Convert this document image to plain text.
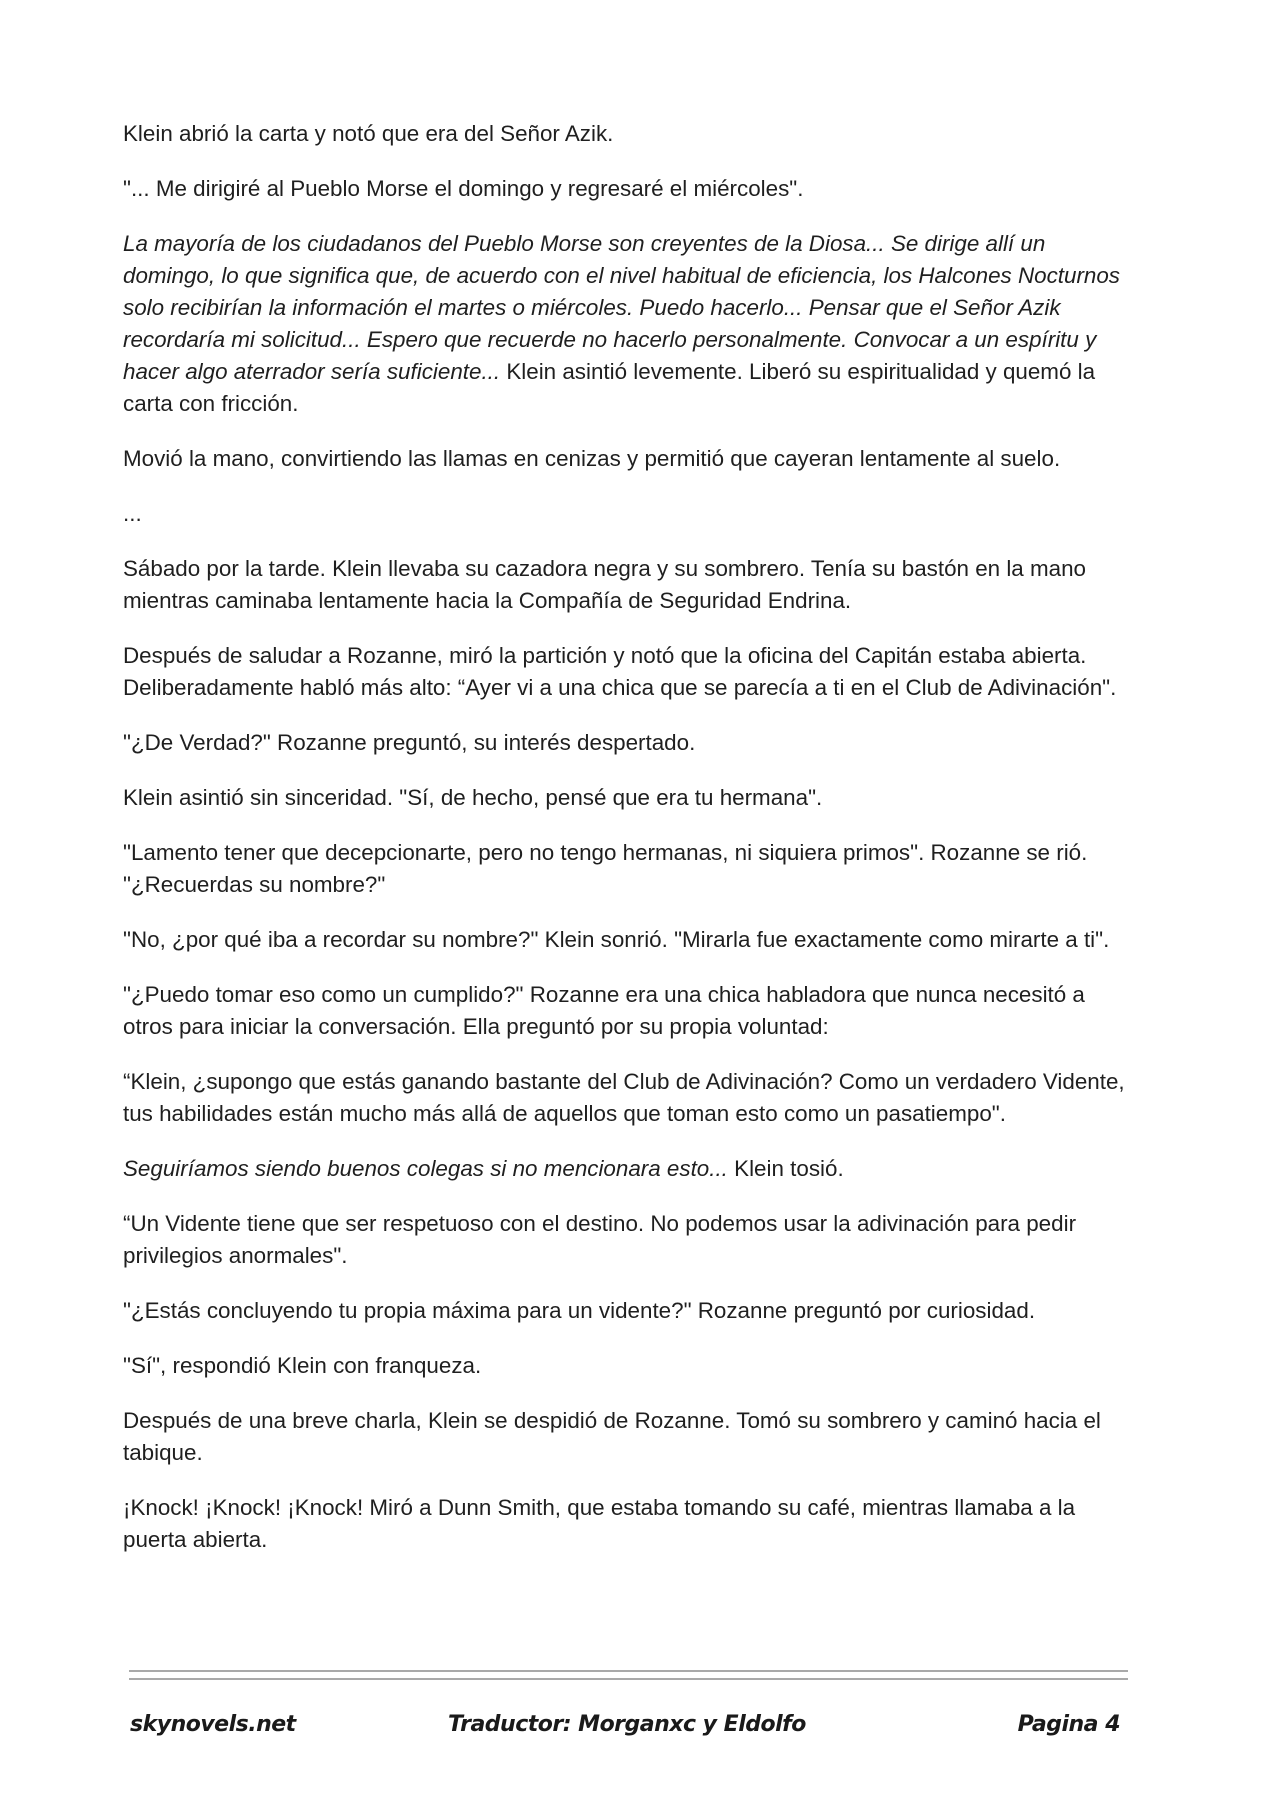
Klein abrió la carta y notó que era del Señor Azik.

"... Me dirigiré al Pueblo Morse el domingo y regresaré el miércoles".

La mayoría de los ciudadanos del Pueblo Morse son creyentes de la Diosa... Se dirige allí un domingo, lo que significa que, de acuerdo con el nivel habitual de eficiencia, los Halcones Nocturnos solo recibirían la información el martes o miércoles. Puedo hacerlo... Pensar que el Señor Azik recordaría mi solicitud... Espero que recuerde no hacerlo personalmente. Convocar a un espíritu y hacer algo aterrador sería suficiente... Klein asintió levemente. Liberó su espiritualidad y quemó la carta con fricción.

Movió la mano, convirtiendo las llamas en cenizas y permitió que cayeran lentamente al suelo.

...

Sábado por la tarde. Klein llevaba su cazadora negra y su sombrero. Tenía su bastón en la mano mientras caminaba lentamente hacia la Compañía de Seguridad Endrina.

Después de saludar a Rozanne, miró la partición y notó que la oficina del Capitán estaba abierta. Deliberadamente habló más alto: “Ayer vi a una chica que se parecía a ti en el Club de Adivinación".

"¿De Verdad?" Rozanne preguntó, su interés despertado.

Klein asintió sin sinceridad. "Sí, de hecho, pensé que era tu hermana".

"Lamento tener que decepcionarte, pero no tengo hermanas, ni siquiera primos". Rozanne se rió. "¿Recuerdas su nombre?"

"No, ¿por qué iba a recordar su nombre?" Klein sonrió. "Mirarla fue exactamente como mirarte a ti".

"¿Puedo tomar eso como un cumplido?" Rozanne era una chica habladora que nunca necesitó a otros para iniciar la conversación. Ella preguntó por su propia voluntad:

“Klein, ¿supongo que estás ganando bastante del Club de Adivinación? Como un verdadero Vidente, tus habilidades están mucho más allá de aquellos que toman esto como un pasatiempo".

Seguiríamos siendo buenos colegas si no mencionara esto... Klein tosió.

“Un Vidente tiene que ser respetuoso con el destino. No podemos usar la adivinación para pedir privilegios anormales".

"¿Estás concluyendo tu propia máxima para un vidente?" Rozanne preguntó por curiosidad.

"Sí", respondió Klein con franqueza.

Después de una breve charla, Klein se despidió de Rozanne. Tomó su sombrero y caminó hacia el tabique.

¡Knock! ¡Knock! ¡Knock! Miró a Dunn Smith, que estaba tomando su café, mientras llamaba a la puerta abierta.

skynovels.net	Traductor: Morganxc y Eldolfo	Pagina 4
